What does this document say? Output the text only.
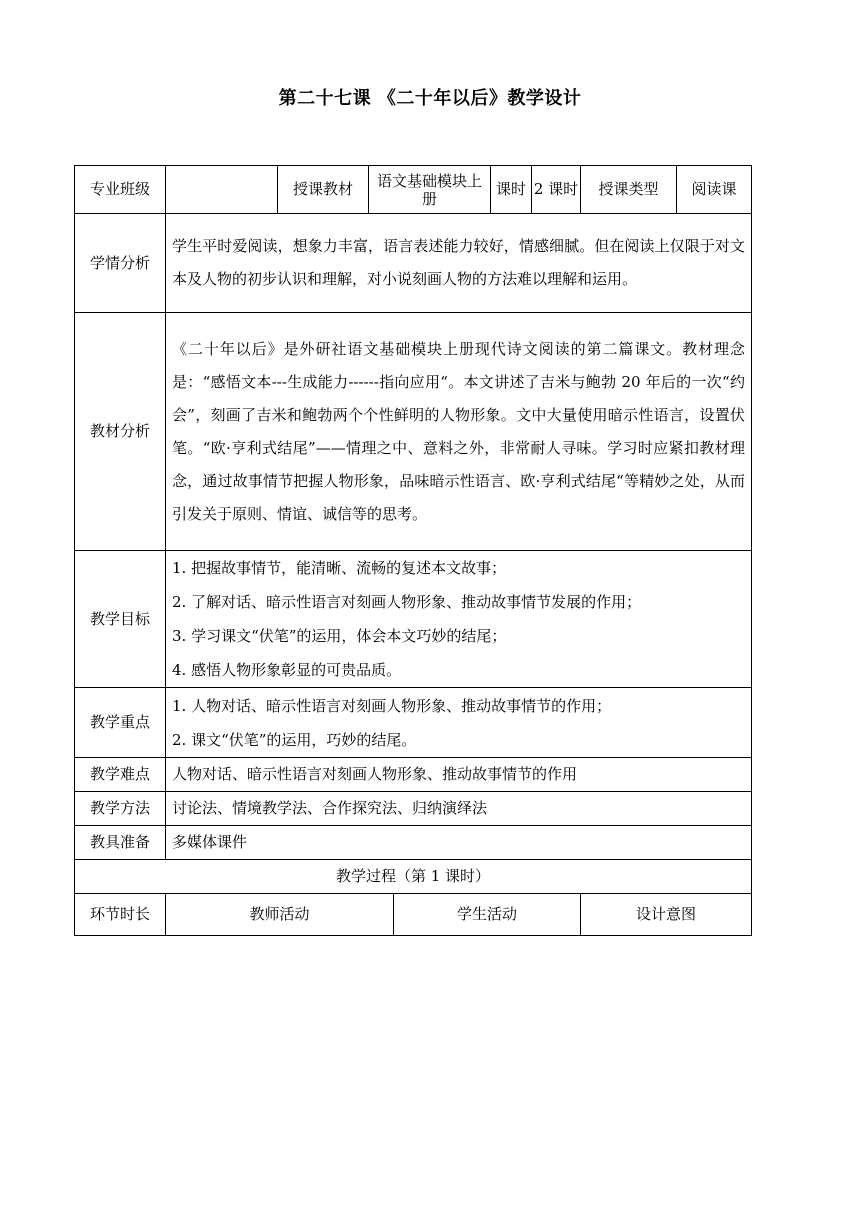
第二十七课 《二十年以后》教学设计
专业班级		授课教材	语文基础模块上册		课时	2 课时	授课类型	阅读课
学情分析	学生平时爱阅读，想象力丰富，语言表述能力较好，情感细腻。但在阅读上仅限于对文本及人物的初步认识和理解，对小说刻画人物的方法难以理解和运用。							
教材分析	《二十年以后》是外研社语文基础模块上册现代诗文阅读的第二篇课文。教材理念是：“感悟文本---生成能力------指向应用“。本文讲述了吉米与鲍勃 20 年后的一次“约会”，刻画了吉米和鲍勃两个个性鲜明的人物形象。文中大量使用暗示性语言，设置伏笔。“欧·亨利式结尾”——情理之中、意料之外，非常耐人寻味。学习时应紧扣教材理念，通过故事情节把握人物形象，品味暗示性语言、欧·亨利式结尾“等精妙之处，从而引发关于原则、情谊、诚信等的思考。							
教学目标	1. 把握故事情节，能清晰、流畅的复述本文故事；
2. 了解对话、暗示性语言对刻画人物形象、推动故事情节发展的作用；
3. 学习课文“伏笔”的运用，体会本文巧妙的结尾；
4. 感悟人物形象彰显的可贵品质。							

教学重点	1. 人物对话、暗示性语言对刻画人物形象、推动故事情节的作用；
2. 课文“伏笔”的运用，巧妙的结尾。							

教学难点	人物对话、暗示性语言对刻画人物形象、推动故事情节的作用							
教学方法	讨论法、情境教学法、合作探究法、归纳演绎法							
教具准备	多媒体课件							
教学过程（第 1 课时）								
环节时长	教师活动			学生活动			设计意图	
